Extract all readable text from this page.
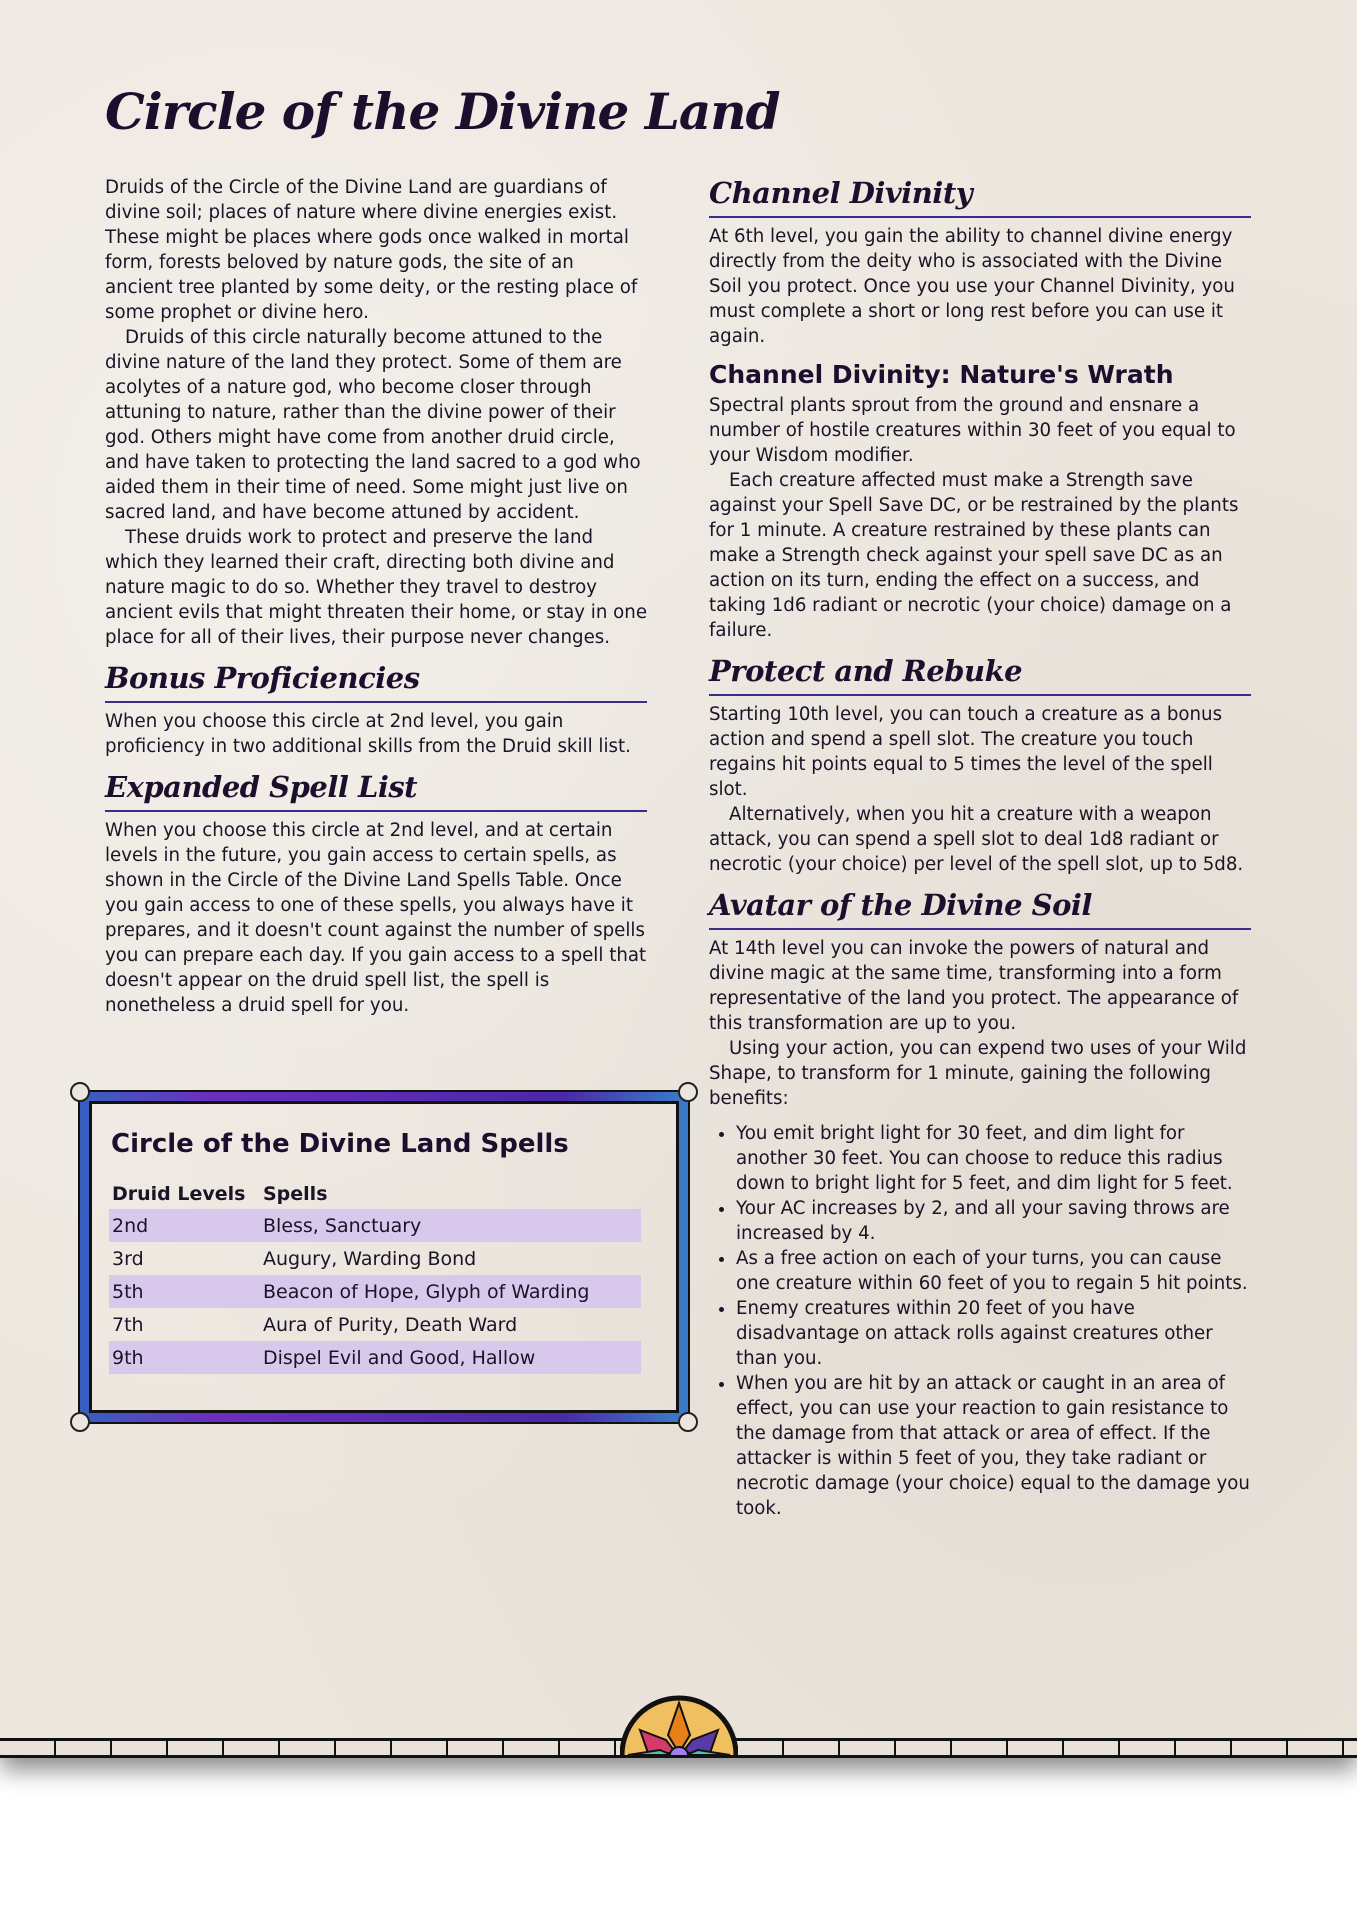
Circle of the Divine Land

Druids of the Circle of the Divine Land are guardians of divine soil; places of nature where divine energies exist. These might be places where gods once walked in mortal form, forests beloved by nature gods, the site of an ancient tree planted by some deity, or the resting place of some prophet or divine hero.

Druids of this circle naturally become attuned to the divine nature of the land they protect. Some of them are acolytes of a nature god, who become closer through attuning to nature, rather than the divine power of their god. Others might have come from another druid circle, and have taken to protecting the land sacred to a god who aided them in their time of need. Some might just live on sacred land, and have become attuned by accident.

These druids work to protect and preserve the land which they learned their craft, directing both divine and nature magic to do so. Whether they travel to destroy ancient evils that might threaten their home, or stay in one place for all of their lives, their purpose never changes.

Bonus Proficiencies

When you choose this circle at 2nd level, you gain proficiency in two additional skills from the Druid skill list.

Expanded Spell List

When you choose this circle at 2nd level, and at certain levels in the future, you gain access to certain spells, as shown in the Circle of the Divine Land Spells Table. Once you gain access to one of these spells, you always have it prepares, and it doesn't count against the number of spells you can prepare each day. If you gain access to a spell that doesn't appear on the druid spell list, the spell is nonetheless a druid spell for you.

Circle of the Divine Land Spells
Druid Levels	Spells
2nd	Bless, Sanctuary
3rd	Augury, Warding Bond
5th	Beacon of Hope, Glyph of Warding
7th	Aura of Purity, Death Ward
9th	Dispel Evil and Good, Hallow
Channel Divinity

At 6th level, you gain the ability to channel divine energy directly from the deity who is associated with the Divine Soil you protect. Once you use your Channel Divinity, you must complete a short or long rest before you can use it again.

Channel Divinity: Nature's Wrath

Spectral plants sprout from the ground and ensnare a number of hostile creatures within 30 feet of you equal to your Wisdom modifier.

Each creature affected must make a Strength save against your Spell Save DC, or be restrained by the plants for 1 minute. A creature restrained by these plants can make a Strength check against your spell save DC as an action on its turn, ending the effect on a success, and taking 1d6 radiant or necrotic (your choice) damage on a failure.

Protect and Rebuke

Starting 10th level, you can touch a creature as a bonus action and spend a spell slot. The creature you touch regains hit points equal to 5 times the level of the spell slot.

Alternatively, when you hit a creature with a weapon attack, you can spend a spell slot to deal 1d8 radiant or necrotic (your choice) per level of the spell slot, up to 5d8.

Avatar of the Divine Soil

At 14th level you can invoke the powers of natural and divine magic at the same time, transforming into a form representative of the land you protect. The appearance of this transformation are up to you.

Using your action, you can expend two uses of your Wild Shape, to transform for 1 minute, gaining the following benefits:

• You emit bright light for 30 feet, and dim light for another 30 feet. You can choose to reduce this radius down to bright light for 5 feet, and dim light for 5 feet.
• Your AC increases by 2, and all your saving throws are increased by 4.
• As a free action on each of your turns, you can cause one creature within 60 feet of you to regain 5 hit points.
• Enemy creatures within 20 feet of you have disadvantage on attack rolls against creatures other than you.
• When you are hit by an attack or caught in an area of effect, you can use your reaction to gain resistance to the damage from that attack or area of effect. If the attacker is within 5 feet of you, they take radiant or necrotic damage (your choice) equal to the damage you took.
